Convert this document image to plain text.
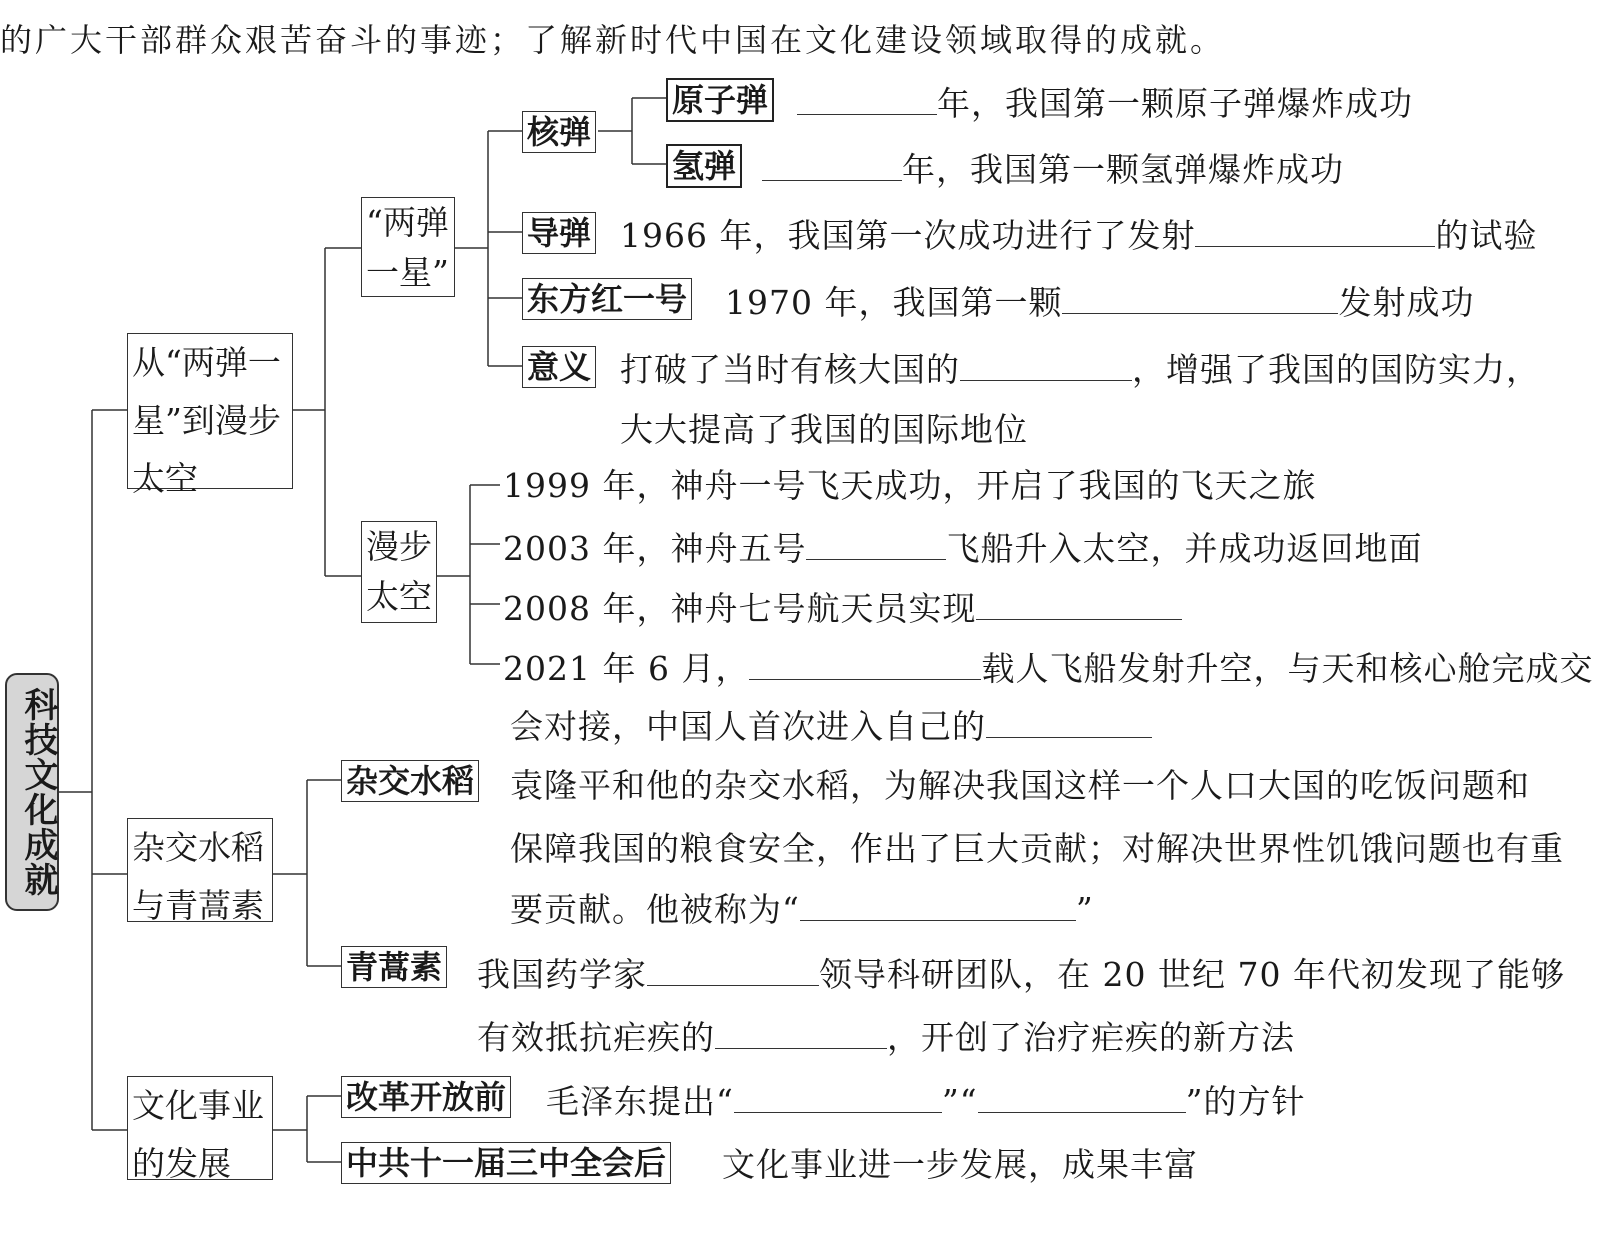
的广大干部群众艰苦奋斗的事迹；了解新时代中国在文化建设领域取得的成就。
科技文化成就
从“两弹一
星”到漫步
太空
杂交水稻
与青蒿素
文化事业
的发展
“两弹
一星”
漫步
太空
核弹
原子弹
氢弹
导弹
东方红一号
意义
杂交水稻
青蒿素
改革开放前
中共十一届三中全会后
年，我国第一颗原子弹爆炸成功
年，我国第一颗氢弹爆炸成功
1966 年，我国第一次成功进行了发射	的试验
1970 年，我国第一颗	发射成功
打破了当时有核大国的	，增强了我国的国防实力，
大大提高了我国的国际地位
1999 年，神舟一号飞天成功，开启了我国的飞天之旅
2003 年，神舟五号	飞船升入太空，并成功返回地面
2008 年，神舟七号航天员实现
2021 年 6 月，	载人飞船发射升空，与天和核心舱完成交
会对接，中国人首次进入自己的
袁隆平和他的杂交水稻，为解决我国这样一个人口大国的吃饭问题和
保障我国的粮食安全，作出了巨大贡献；对解决世界性饥饿问题也有重
要贡献。他被称为“	”
我国药学家	领导科研团队，在 20 世纪 70 年代初发现了能够
有效抵抗疟疾的	，开创了治疗疟疾的新方法
毛泽东提出“	”“	”的方针
文化事业进一步发展，成果丰富
